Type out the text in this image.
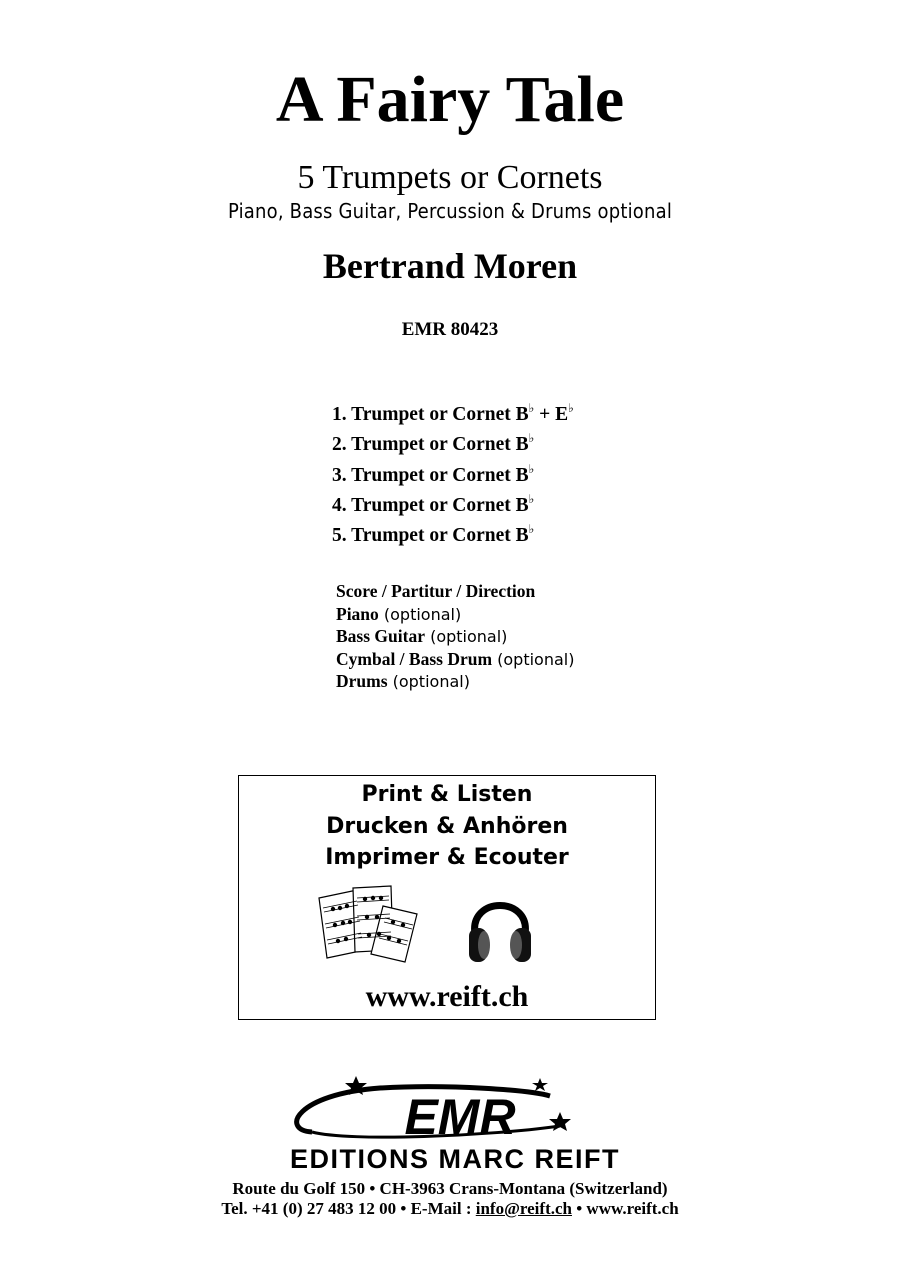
A Fairy Tale
5 Trumpets or Cornets
Piano, Bass Guitar, Percussion & Drums optional
Bertrand Moren
EMR 80423
1. Trumpet or Cornet B♭ + E♭
2. Trumpet or Cornet B♭
3. Trumpet or Cornet B♭
4. Trumpet or Cornet B♭
5. Trumpet or Cornet B♭
Score / Partitur / Direction
Piano (optional)
Bass Guitar (optional)
Cymbal / Bass Drum (optional)
Drums (optional)
Print & Listen
Drucken & Anhören
Imprimer & Ecouter
www.reift.ch
EMR
EDITIONS MARC REIFT
Route du Golf 150 • CH-3963 Crans-Montana (Switzerland)
Tel. +41 (0) 27 483 12 00 • E-Mail : info@reift.ch • www.reift.ch
